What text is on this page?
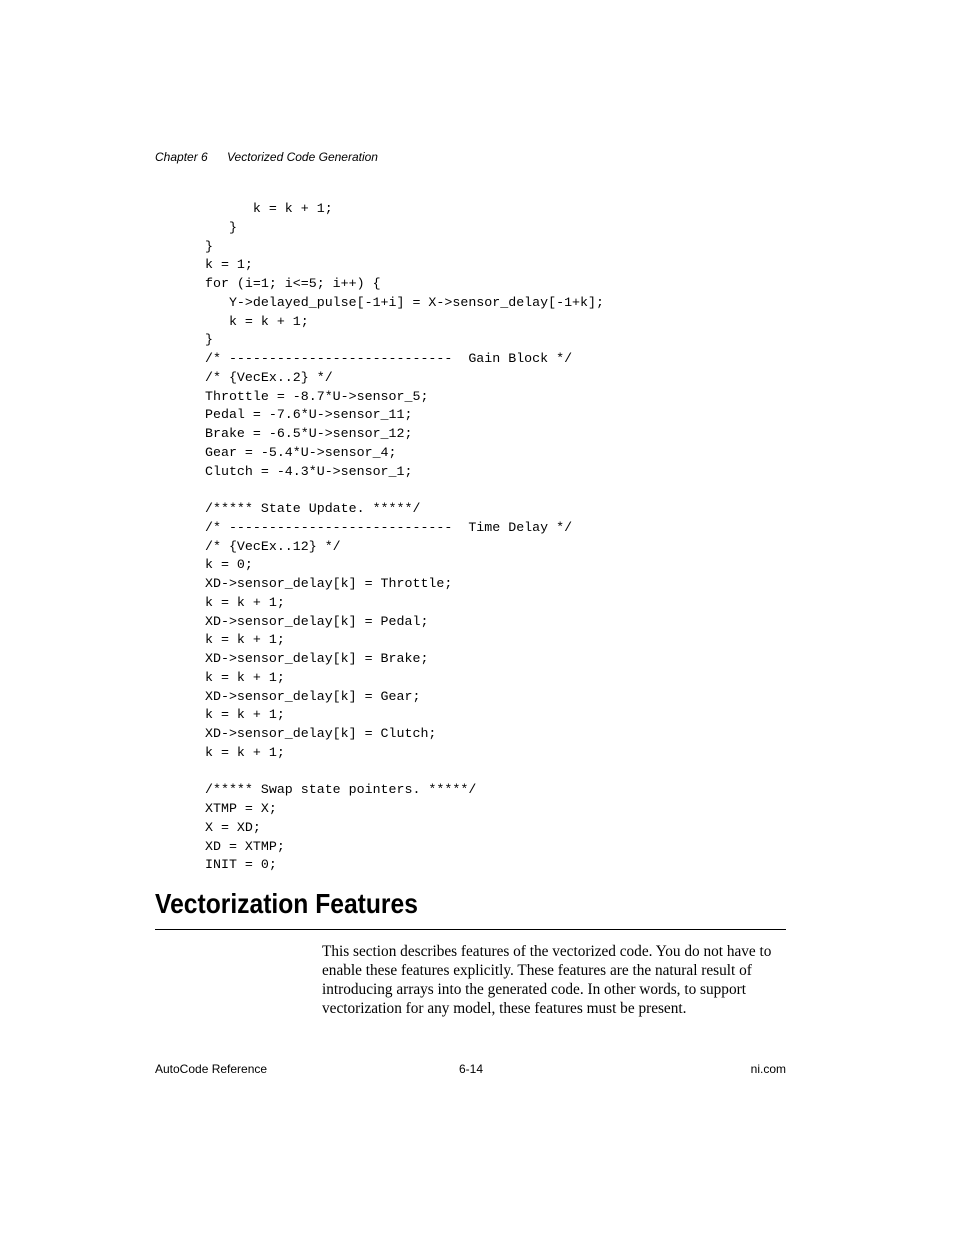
Chapter 6 Vectorized Code Generation
k = k + 1;
}
}
k = 1;
for (i=1; i<=5; i++) {
Y->delayed_pulse[-1+i] = X->sensor_delay[-1+k];
k = k + 1;
}
/* ----------------------------  Gain Block */
/* {VecEx..2} */
Throttle = -8.7*U->sensor_5;
Pedal = -7.6*U->sensor_11;
Brake = -6.5*U->sensor_12;
Gear = -5.4*U->sensor_4;
Clutch = -4.3*U->sensor_1;
/***** State Update. *****/
/* ----------------------------  Time Delay */
/* {VecEx..12} */
k = 0;
XD->sensor_delay[k] = Throttle;
k = k + 1;
XD->sensor_delay[k] = Pedal;
k = k + 1;
XD->sensor_delay[k] = Brake;
k = k + 1;
XD->sensor_delay[k] = Gear;
k = k + 1;
XD->sensor_delay[k] = Clutch;
k = k + 1;
/***** Swap state pointers. *****/
XTMP = X;
X = XD;
XD = XTMP;
INIT = 0;
Vectorization Features

This section describes features of the vectorized code. You do not have to enable these features explicitly. These features are the natural result of introducing arrays into the generated code. In other words, to support vectorization for any model, these features must be present.

AutoCode Reference	6-14	ni.com
